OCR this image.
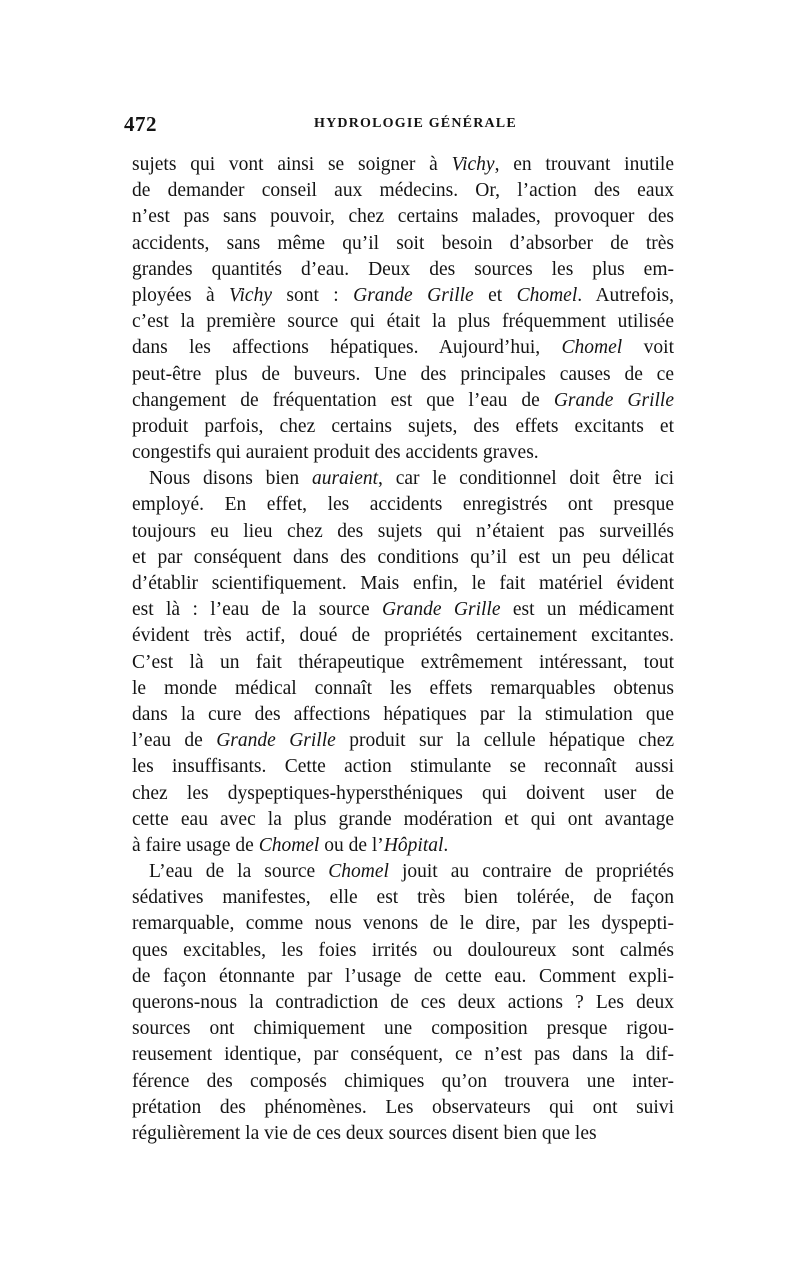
472	HYDROLOGIE GÉNÉRALE
sujets qui vont ainsi se soigner à Vichy, en trouvant inutile
de demander conseil aux médecins. Or, l’action des eaux
n’est pas sans pouvoir, chez certains malades, provoquer des
accidents, sans même qu’il soit besoin d’absorber de très
grandes quantités d’eau. Deux des sources les plus em-
ployées à Vichy sont : Grande Grille et Chomel. Autrefois,
c’est la première source qui était la plus fréquemment utilisée
dans les affections hépatiques. Aujourd’hui, Chomel voit
peut-être plus de buveurs. Une des principales causes de ce
changement de fréquentation est que l’eau de Grande Grille
produit parfois, chez certains sujets, des effets excitants et
congestifs qui auraient produit des accidents graves.
Nous disons bien auraient, car le conditionnel doit être ici
employé. En effet, les accidents enregistrés ont presque
toujours eu lieu chez des sujets qui n’étaient pas surveillés
et par conséquent dans des conditions qu’il est un peu délicat
d’établir scientifiquement. Mais enfin, le fait matériel évident
est là : l’eau de la source Grande Grille est un médicament
évident très actif, doué de propriétés certainement excitantes.
C’est là un fait thérapeutique extrêmement intéressant, tout
le monde médical connaît les effets remarquables obtenus
dans la cure des affections hépatiques par la stimulation que
l’eau de Grande Grille produit sur la cellule hépatique chez
les insuffisants. Cette action stimulante se reconnaît aussi
chez les dyspeptiques-hypersthéniques qui doivent user de
cette eau avec la plus grande modération et qui ont avantage
à faire usage de Chomel ou de l’Hôpital.
L’eau de la source Chomel jouit au contraire de propriétés
sédatives manifestes, elle est très bien tolérée, de façon
remarquable, comme nous venons de le dire, par les dyspepti-
ques excitables, les foies irrités ou douloureux sont calmés
de façon étonnante par l’usage de cette eau. Comment expli-
querons-nous la contradiction de ces deux actions ? Les deux
sources ont chimiquement une composition presque rigou-
reusement identique, par conséquent, ce n’est pas dans la dif-
férence des composés chimiques qu’on trouvera une inter-
prétation des phénomènes. Les observateurs qui ont suivi
régulièrement la vie de ces deux sources disent bien que les
